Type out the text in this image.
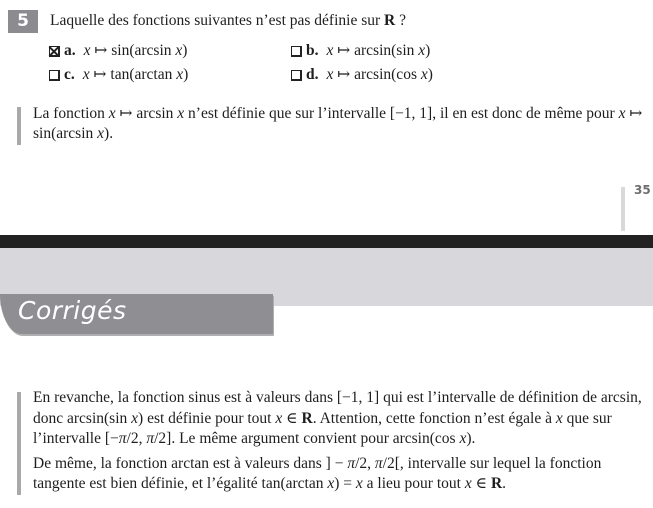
5	Laquelle des fonctions suivantes n’est pas définie sur R ?
a. x ↦ sin(arcsin x)	b. x ↦ arcsin(sin x)
c. x ↦ tan(arctan x)	d. x ↦ arcsin(cos x)
La fonction x ↦ arcsin x n’est définie que sur l’intervalle [−1, 1], il en est donc de même pour x ↦ sin(arcsin x).
35
Corrigés

En revanche, la fonction sinus est à valeurs dans [−1, 1] qui est l’intervalle de définition de arcsin, donc arcsin(sin x) est définie pour tout x ∈ R. Attention, cette fonction n’est égale à x que sur l’intervalle [−π/2, π/2]. Le même argument convient pour arcsin(cos x).

De même, la fonction arctan est à valeurs dans ] − π/2, π/2[, intervalle sur lequel la fonction tangente est bien définie, et l’égalité tan(arctan x) = x a lieu pour tout x ∈ R.
